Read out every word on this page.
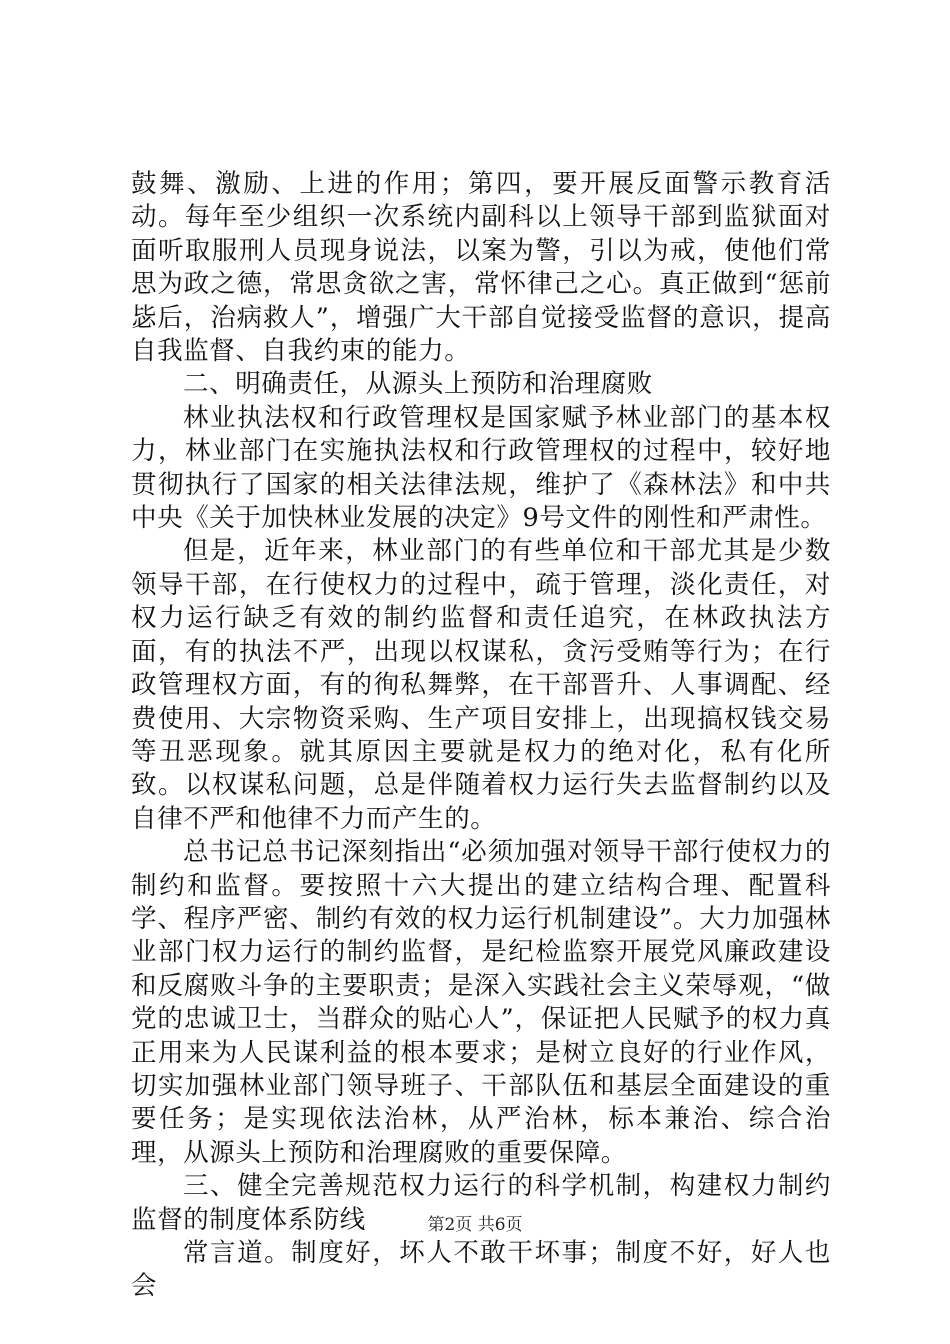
鼓舞、激励、上进的作用；第四，要开展反面警示教育活动。每年至少组织一次系统内副科以上领导干部到监狱面对面听取服刑人员现身说法，以案为警，引以为戒，使他们常思为政之德，常思贪欲之害，常怀律己之心。真正做到“惩前毖后，治病救人”，增强广大干部自觉接受监督的意识，提高自我监督、自我约束的能力。

二、明确责任，从源头上预防和治理腐败

林业执法权和行政管理权是国家赋予林业部门的基本权力，林业部门在实施执法权和行政管理权的过程中，较好地贯彻执行了国家的相关法律法规，维护了《森林法》和中共中央《关于加快林业发展的决定》9号文件的刚性和严肃性。

但是，近年来，林业部门的有些单位和干部尤其是少数领导干部，在行使权力的过程中，疏于管理，淡化责任，对权力运行缺乏有效的制约监督和责任追究，在林政执法方面，有的执法不严，出现以权谋私，贪污受贿等行为；在行政管理权方面，有的徇私舞弊，在干部晋升、人事调配、经费使用、大宗物资采购、生产项目安排上，出现搞权钱交易等丑恶现象。就其原因主要就是权力的绝对化，私有化所致。以权谋私问题，总是伴随着权力运行失去监督制约以及自律不严和他律不力而产生的。

总书记总书记深刻指出“必须加强对领导干部行使权力的制约和监督。要按照十六大提出的建立结构合理、配置科学、程序严密、制约有效的权力运行机制建设”。大力加强林业部门权力运行的制约监督，是纪检监察开展党风廉政建设和反腐败斗争的主要职责；是深入实践社会主义荣辱观，“做党的忠诚卫士，当群众的贴心人”，保证把人民赋予的权力真正用来为人民谋利益的根本要求；是树立良好的行业作风，切实加强林业部门领导班子、干部队伍和基层全面建设的重要任务；是实现依法治林，从严治林，标本兼治、综合治理，从源头上预防和治理腐败的重要保障。

三、健全完善规范权力运行的科学机制，构建权力制约监督的制度体系防线

常言道。制度好，坏人不敢干坏事；制度不好，好人也会

第2页 共6页
